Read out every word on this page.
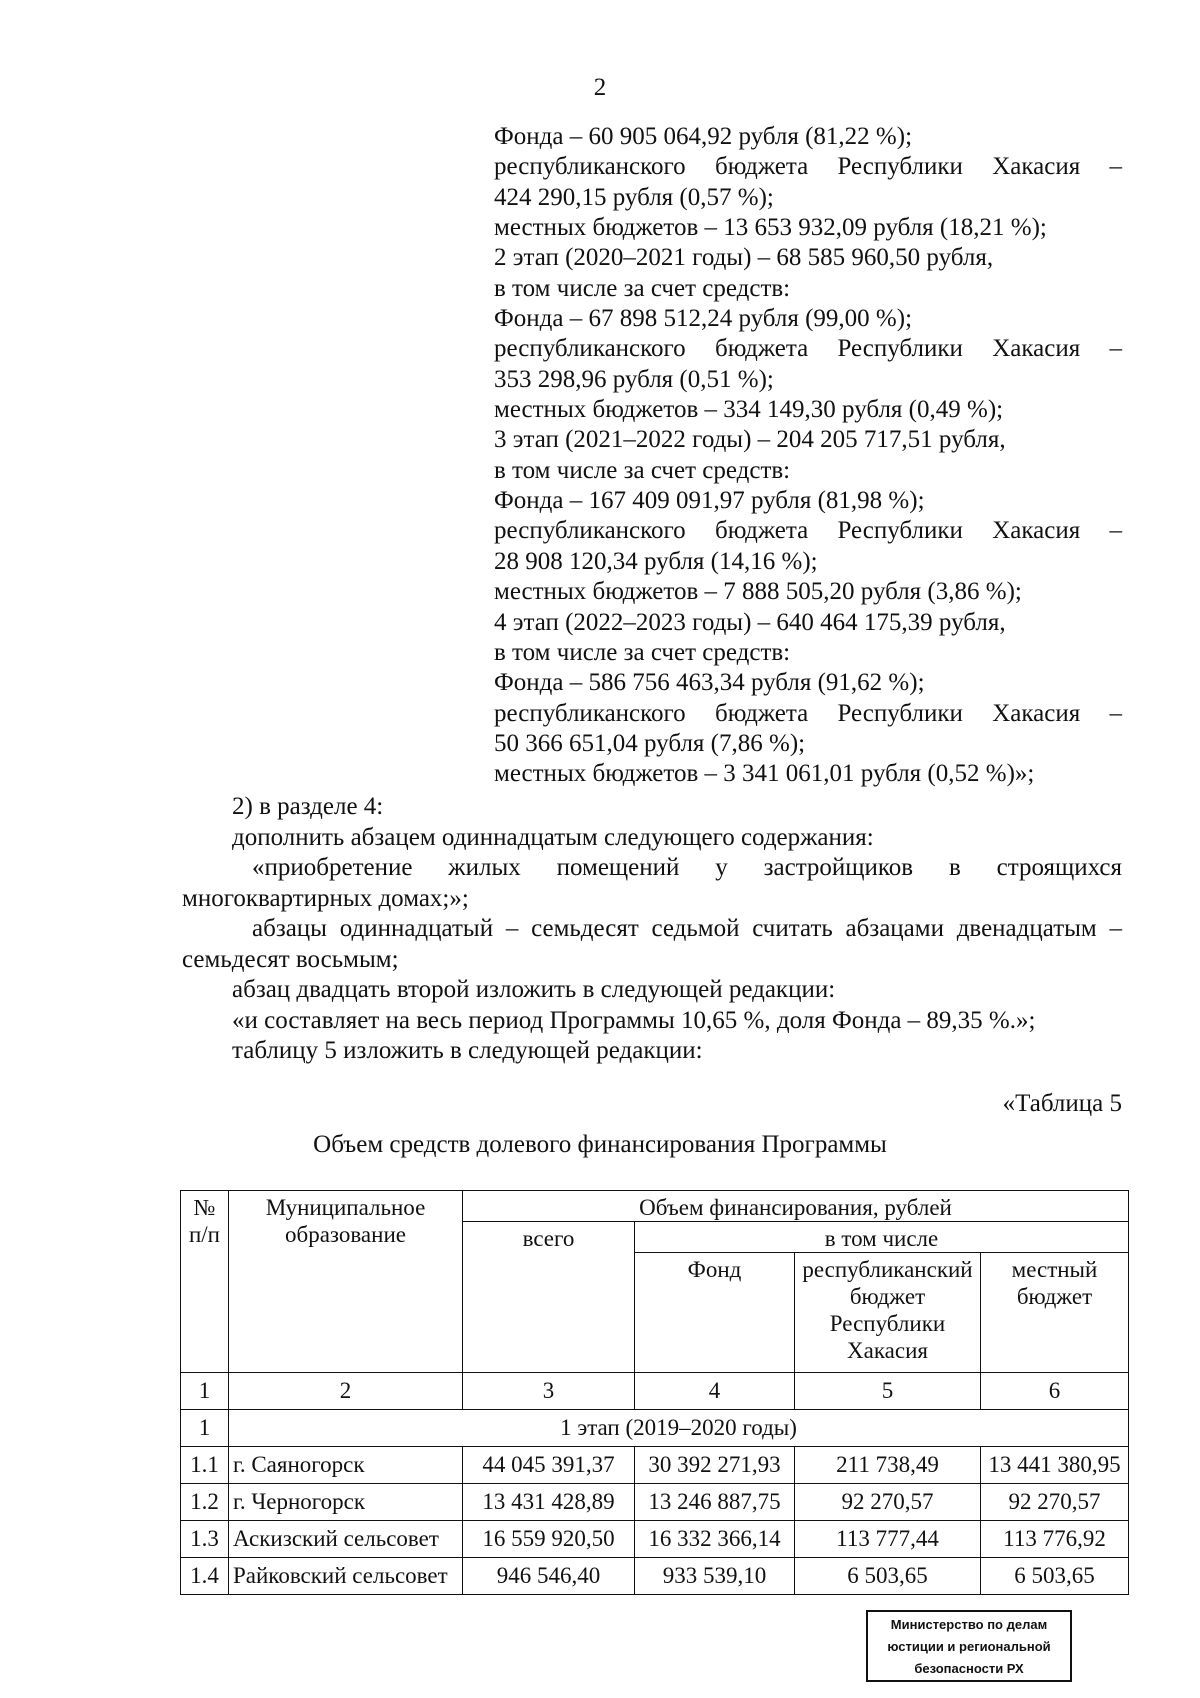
2
Фонда – 60 905 064,92 рубля (81,22 %);
республиканского бюджета Республики Хакасия –
424 290,15 рубля (0,57 %);
местных бюджетов – 13 653 932,09 рубля (18,21 %);
2 этап (2020–2021 годы) – 68 585 960,50 рубля,
в том числе за счет средств:
Фонда – 67 898 512,24 рубля (99,00 %);
республиканского бюджета Республики Хакасия –
353 298,96 рубля (0,51 %);
местных бюджетов – 334 149,30 рубля (0,49 %);
3 этап (2021–2022 годы) – 204 205 717,51 рубля,
в том числе за счет средств:
Фонда – 167 409 091,97 рубля (81,98 %);
республиканского бюджета Республики Хакасия –
28 908 120,34 рубля (14,16 %);
местных бюджетов – 7 888 505,20 рубля (3,86 %);
4 этап (2022–2023 годы) – 640 464 175,39 рубля,
в том числе за счет средств:
Фонда – 586 756 463,34 рубля (91,62 %);
республиканского бюджета Республики Хакасия –
50 366 651,04 рубля (7,86 %);
местных бюджетов – 3 341 061,01 рубля (0,52 %)»;
2) в разделе 4:
дополнить абзацем одиннадцатым следующего содержания:
«приобретение жилых помещений у застройщиков в строящихся многоквартирных домах;»;
абзацы одиннадцатый – семьдесят седьмой считать абзацами двенадцатым – семьдесят восьмым;
абзац двадцать второй изложить в следующей редакции:
«и составляет на весь период Программы 10,65 %, доля Фонда – 89,35 %.»;
таблицу 5 изложить в следующей редакции:
«Таблица 5
Объем средств долевого финансирования Программы
№ п/п	Муниципальное образование	Объем финансирования, рублей			
		всего	в том числе		
			Фонд	республиканский бюджет Республики Хакасия	местный бюджет
1	2	3	4	5	6
1	1 этап (2019–2020 годы)				
1.1	г. Саяногорск	44 045 391,37	30 392 271,93	211 738,49	13 441 380,95
1.2	г. Черногорск	13 431 428,89	13 246 887,75	92 270,57	92 270,57
1.3	Аскизский сельсовет	16 559 920,50	16 332 366,14	113 777,44	113 776,92
1.4	Райковский сельсовет	946 546,40	933 539,10	6 503,65	6 503,65
Министерство по делам
юстиции и региональной
безопасности РХ
